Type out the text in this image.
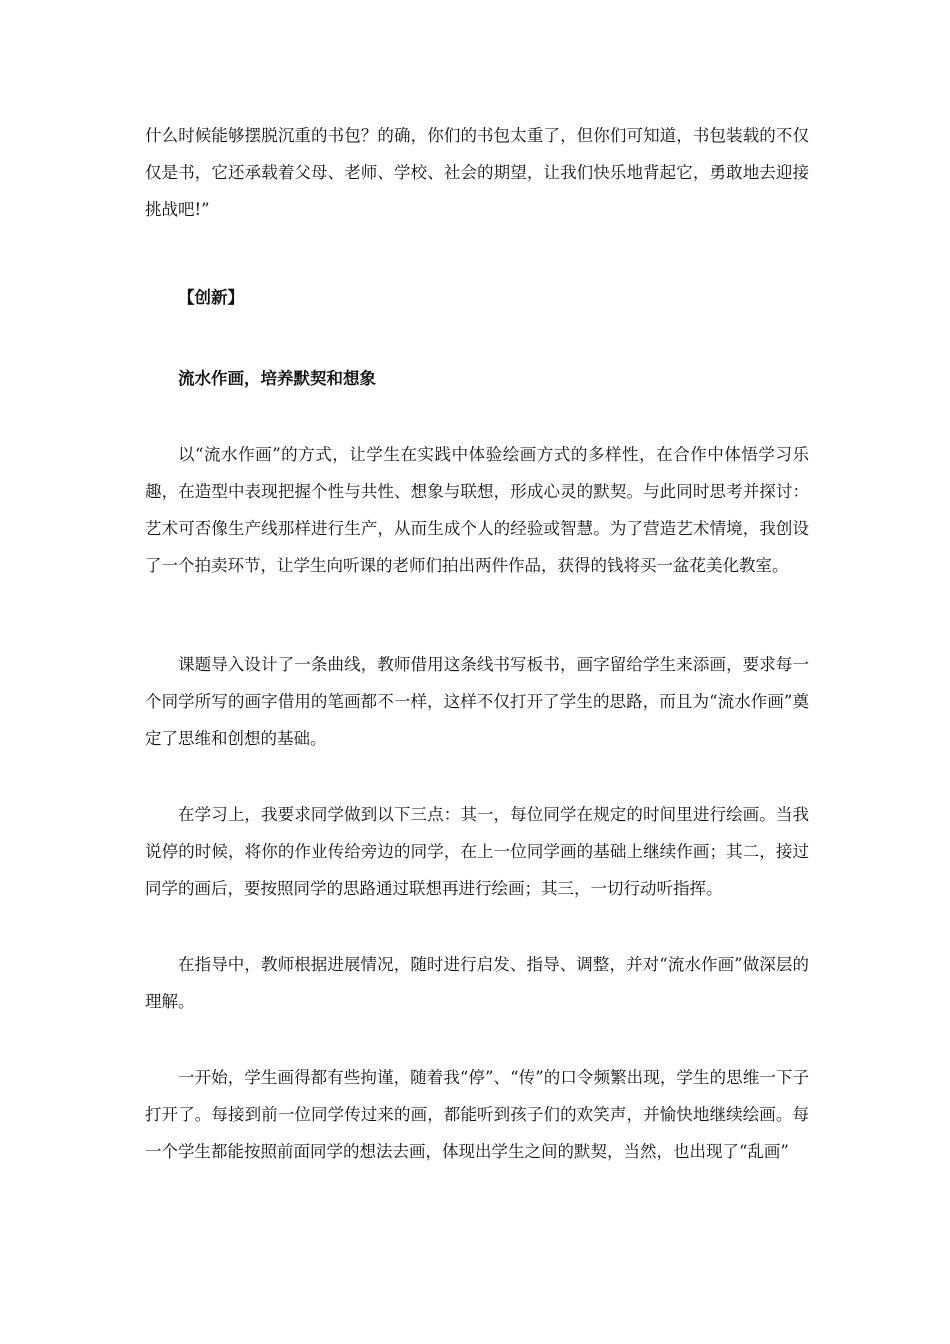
什么时候能够摆脱沉重的书包？的确，你们的书包太重了，但你们可知道，书包装载的不仅仅是书，它还承载着父母、老师、学校、社会的期望，让我们快乐地背起它，勇敢地去迎接挑战吧!”

【创新】

流水作画，培养默契和想象

以“流水作画”的方式，让学生在实践中体验绘画方式的多样性，在合作中体悟学习乐趣，在造型中表现把握个性与共性、想象与联想，形成心灵的默契。与此同时思考并探讨：艺术可否像生产线那样进行生产，从而生成个人的经验或智慧。为了营造艺术情境，我创设了一个拍卖环节，让学生向听课的老师们拍出两件作品，获得的钱将买一盆花美化教室。

课题导入设计了一条曲线，教师借用这条线书写板书，画字留给学生来添画，要求每一个同学所写的画字借用的笔画都不一样，这样不仅打开了学生的思路，而且为“流水作画”奠定了思维和创想的基础。

在学习上，我要求同学做到以下三点：其一，每位同学在规定的时间里进行绘画。当我说停的时候，将你的作业传给旁边的同学，在上一位同学画的基础上继续作画；其二，接过同学的画后，要按照同学的思路通过联想再进行绘画；其三，一切行动听指挥。

在指导中，教师根据进展情况，随时进行启发、指导、调整，并对“流水作画”做深层的理解。

一开始，学生画得都有些拘谨，随着我“停”、“传”的口令频繁出现，学生的思维一下子打开了。每接到前一位同学传过来的画，都能听到孩子们的欢笑声，并愉快地继续绘画。每一个学生都能按照前面同学的想法去画，体现出学生之间的默契，当然，也出现了“乱画”
